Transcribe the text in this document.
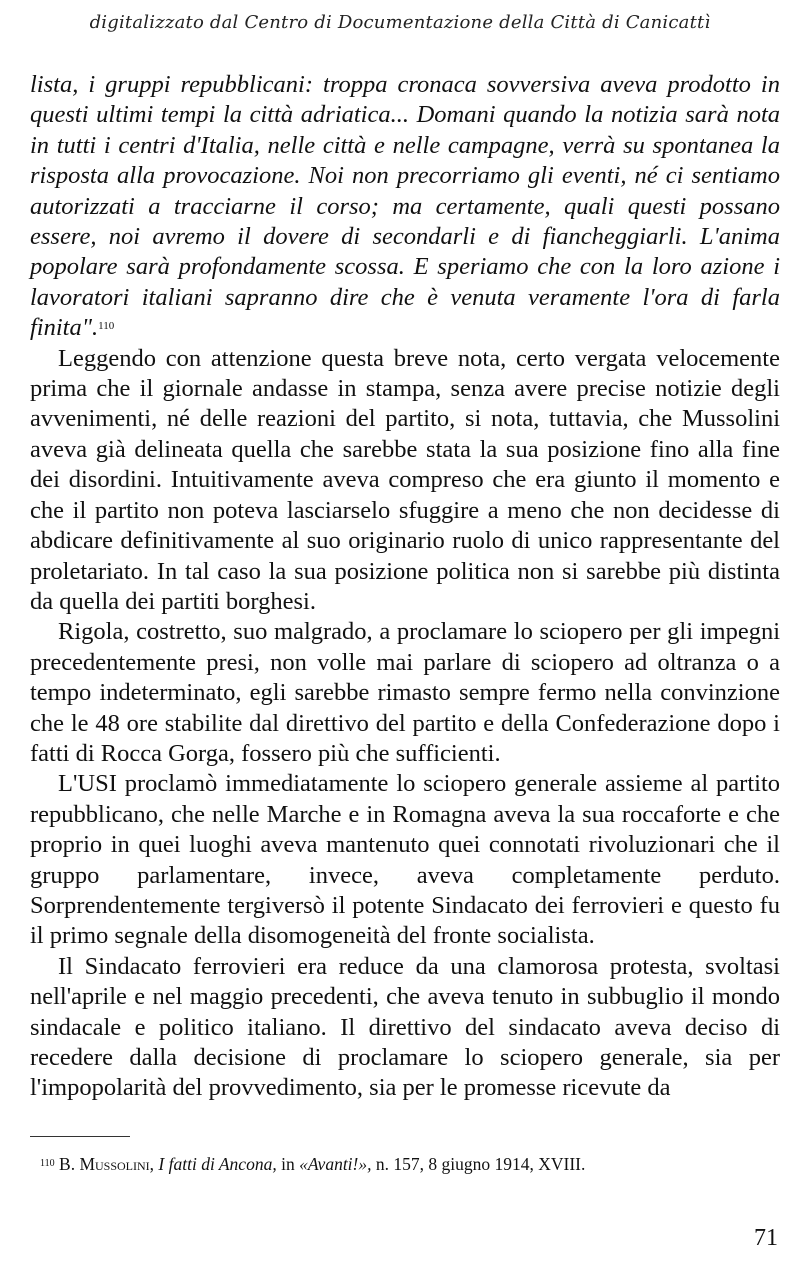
digitalizzato dal Centro di Documentazione della Città di Canicattì

lista, i gruppi repubblicani: troppa cronaca sovversiva aveva prodotto in questi ultimi tempi la città adriatica... Domani quando la notizia sarà nota in tutti i centri d'Italia, nelle città e nelle campagne, verrà su spontanea la risposta alla provocazione. Noi non precorriamo gli eventi, né ci sentiamo autorizzati a tracciarne il corso; ma certamente, quali questi possano essere, noi avremo il dovere di secondarli e di fiancheggiarli. L'anima popolare sarà profondamente scossa. E speriamo che con la loro azione i lavoratori italiani sapranno dire che è venuta veramente l'ora di farla finita".$^{110}$

Leggendo con attenzione questa breve nota, certo vergata velocemente prima che il giornale andasse in stampa, senza avere precise notizie degli avvenimenti, né delle reazioni del partito, si nota, tuttavia, che Mussolini aveva già delineata quella che sarebbe stata la sua posizione fino alla fine dei disordini. Intuitivamente aveva compreso che era giunto il momento e che il partito non poteva lasciarselo sfuggire a meno che non decidesse di abdicare definitivamente al suo originario ruolo di unico rappresentante del proletariato. In tal caso la sua posizione politica non si sarebbe più distinta da quella dei partiti borghesi.

Rigola, costretto, suo malgrado, a proclamare lo sciopero per gli impegni precedentemente presi, non volle mai parlare di sciopero ad oltranza o a tempo indeterminato, egli sarebbe rimasto sempre fermo nella convinzione che le 48 ore stabilite dal direttivo del partito e della Confederazione dopo i fatti di Rocca Gorga, fossero più che sufficienti.

L'USI proclamò immediatamente lo sciopero generale assieme al partito repubblicano, che nelle Marche e in Romagna aveva la sua roccaforte e che proprio in quei luoghi aveva mantenuto quei connotati rivoluzionari che il gruppo parlamentare, invece, aveva completamente perduto. Sorprendentemente tergiversò il potente Sindacato dei ferrovieri e questo fu il primo segnale della disomogeneità del fronte socialista.

Il Sindacato ferrovieri era reduce da una clamorosa protesta, svoltasi nell'aprile e nel maggio precedenti, che aveva tenuto in subbuglio il mondo sindacale e politico italiano. Il direttivo del sindacato aveva deciso di recedere dalla decisione di proclamare lo sciopero generale, sia per l'impopolarità del provvedimento, sia per le promesse ricevute da

$^{110}$ B. Mussolini, I fatti di Ancona, in «Avanti!», n. 157, 8 giugno 1914, XVIII.
71
